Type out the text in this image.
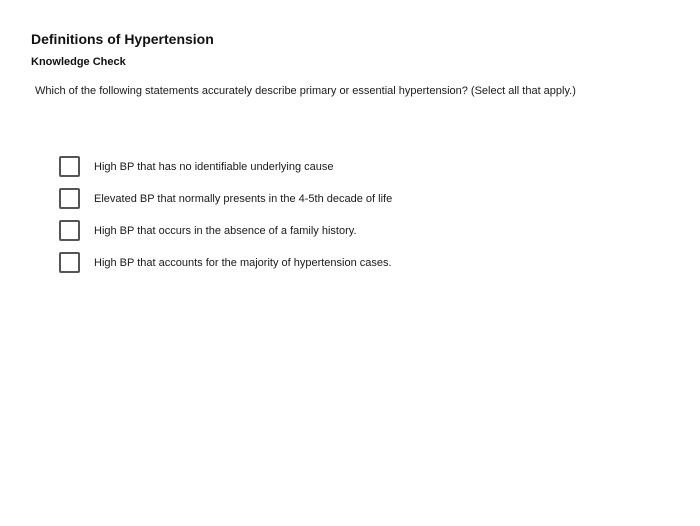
Definitions of Hypertension
Knowledge Check
Which of the following statements accurately describe primary or essential hypertension? (Select all that apply.)
High BP that has no identifiable underlying cause
Elevated BP that normally presents in the 4-5th decade of life
High BP that occurs in the absence of a family history.
High BP that accounts for the majority of hypertension cases.
